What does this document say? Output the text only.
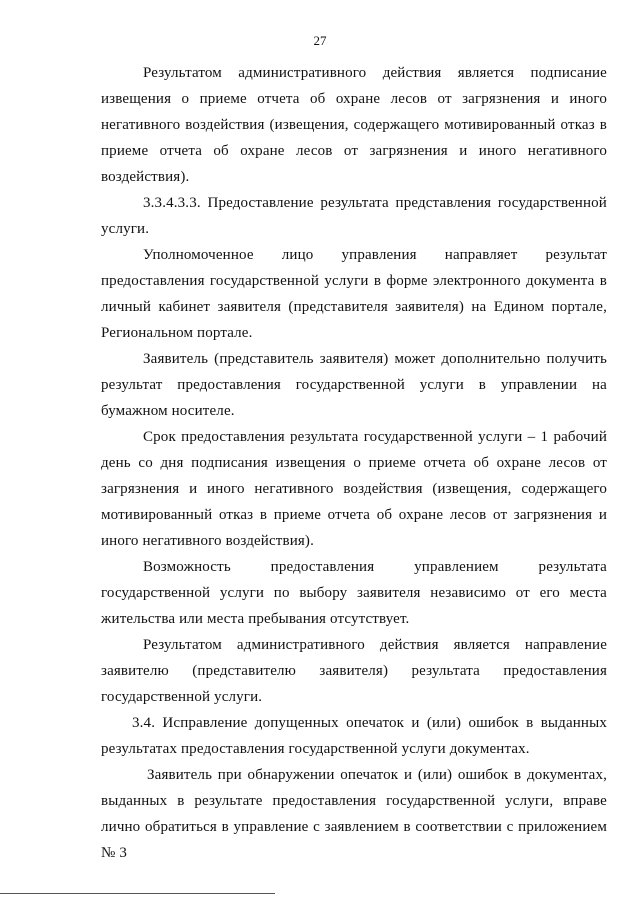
27

Результатом административного действия является подписание извещения о приеме отчета об охране лесов от загрязнения и иного негативного воздействия (извещения, содержащего мотивированный отказ в приеме отчета об охране лесов от загрязнения и иного негативного воздействия).

3.3.4.3.3. Предоставление результата представления государственной услуги.

Уполномоченное лицо управления направляет результат предоставления государственной услуги в форме электронного документа в личный кабинет заявителя (представителя заявителя) на Едином портале, Региональном портале.

Заявитель (представитель заявителя) может дополнительно получить результат предоставления государственной услуги в управлении на бумажном носителе.

Срок предоставления результата государственной услуги – 1 рабочий день со дня подписания извещения о приеме отчета об охране лесов от загрязнения и иного негативного воздействия (извещения, содержащего мотивированный отказ в приеме отчета об охране лесов от загрязнения и иного негативного воздействия).

Возможность предоставления управлением результата государственной услуги по выбору заявителя независимо от его места жительства или места пребывания отсутствует.

Результатом административного действия является направление заявителю (представителю заявителя) результата предоставления государственной услуги.

3.4. Исправление допущенных опечаток и (или) ошибок в выданных результатах предоставления государственной услуги документах.

Заявитель при обнаружении опечаток и (или) ошибок в документах, выданных в результате предоставления государственной услуги, вправе лично обратиться в управление с заявлением в соответствии с приложением № 3
